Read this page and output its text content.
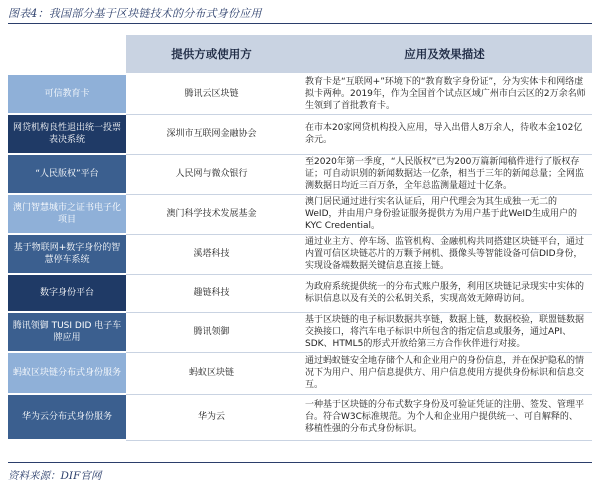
图表4：我国部分基于区块链技术的分布式身份应用
	提供方或使用方	应用及效果描述
可信教育卡	腾讯云区块链	教育卡是“互联网+”环境下的“教育数字身份证”，分为实体卡和网络虚拟卡两种。2019年，作为全国首个试点区域广州市白云区的2万余名师生领到了首批教育卡。
网贷机构良性退出统一投票表决系统	深圳市互联网金融协会	在市本20家网贷机构投入应用，导入出借人8万余人，待收本金102亿余元。
“人民版权”平台	人民网与微众银行	至2020年第一季度，“人民版权”已为200万篇新闻稿件进行了版权存证；可自动识别的新闻数据达一亿条，相当于三年的新闻总量；全网监测数据日均近三百万条，全年总监测量超过十亿条。
澳门智慧城市之证书电子化项目	澳门科学技术发展基金	澳门居民通过进行实名认证后，用户代理会为其生成独一无二的WeID，并由用户身份验证服务提供方为用户基于此WeID生成用户的KYC Credential。
基于物联网+数字身份的智慧停车系统	溪塔科技	通过业主方、停车场、监管机构、金融机构共同搭建区块链平台，通过内置可信区块链芯片的万颗予闸机、摄像头等智能设备可信DID身份，实现设备端数据关键信息直接上链。
数字身份平台	趣链科技	为政府系统提供统一的分布式账户服务，利用区块链记录现实中实体的标识信息以及有关的公私钥关系，实现高效无障碍访问。
腾讯领御 TUSI DID 电子车牌应用	腾讯领御	基于区块链的电子标识数据共享链，数据上链，数据校验，联盟链数据交换接口，将汽车电子标识中所包含的指定信息或服务，通过API、SDK、HTML5的形式开放给第三方合作伙伴进行对接。
蚂蚁区块链分布式身份服务	蚂蚁区块链	通过蚂蚁链安全地存储个人和企业用户的身份信息，并在保护隐私的情况下为用户、用户信息提供方、用户信息使用方提供身份标识和信息交互。
华为云分布式身份服务	华为云	一种基于区块链的分布式数字身份及可验证凭证的注册、签发、管理平台。符合W3C标准规范。为个人和企业用户提供统一、可自解释的、移植性强的分布式身份标识。
资料来源：DIF官网
